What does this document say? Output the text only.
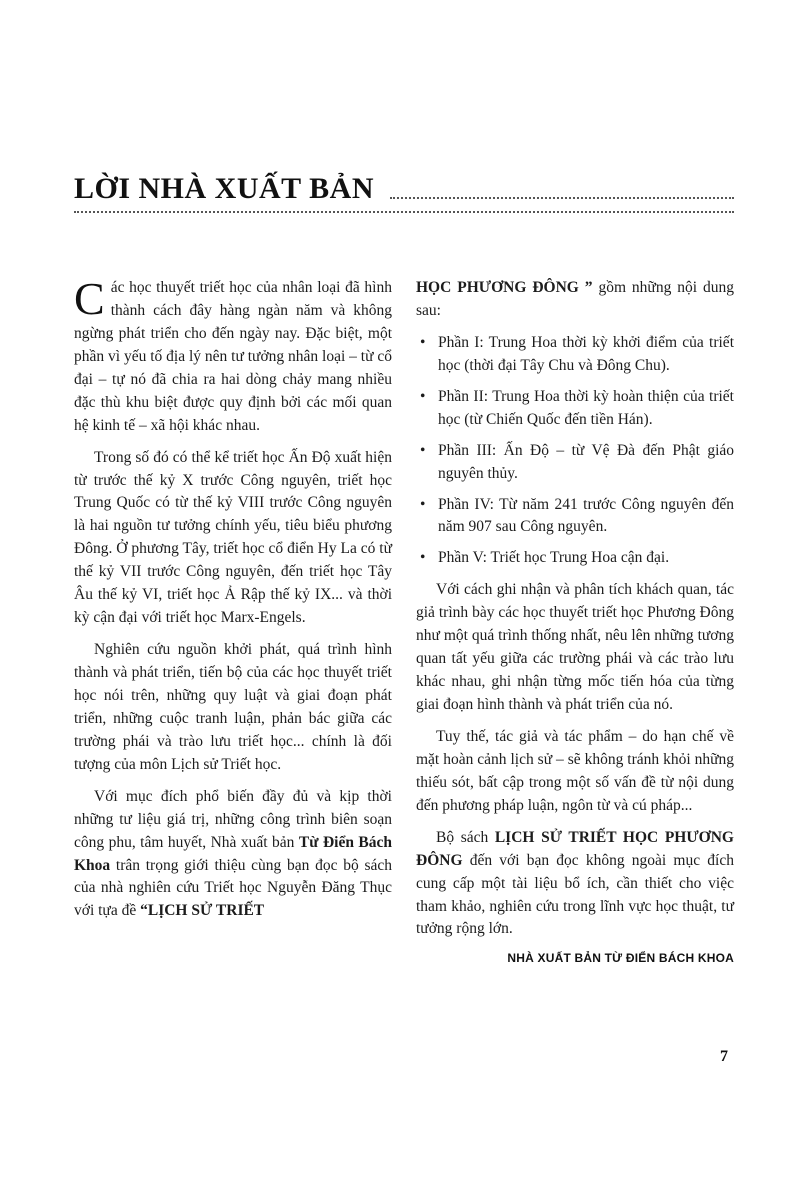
LỜI NHÀ XUẤT BẢN

Các học thuyết triết học của nhân loại đã hình thành cách đây hàng ngàn năm và không ngừng phát triển cho đến ngày nay. Đặc biệt, một phần vì yếu tố địa lý nên tư tưởng nhân loại – từ cổ đại – tự nó đã chia ra hai dòng chảy mang nhiều đặc thù khu biệt được quy định bởi các mối quan hệ kinh tế – xã hội khác nhau.

Trong số đó có thể kể triết học Ấn Độ xuất hiện từ trước thế kỷ X trước Công nguyên, triết học Trung Quốc có từ thế kỷ VIII trước Công nguyên là hai nguồn tư tưởng chính yếu, tiêu biểu phương Đông. Ở phương Tây, triết học cổ điển Hy La có từ thế kỷ VII trước Công nguyên, đến triết học Tây Âu thế kỷ VI, triết học Ả Rập thế kỷ IX... và thời kỳ cận đại với triết học Marx-Engels.

Nghiên cứu nguồn khởi phát, quá trình hình thành và phát triển, tiến bộ của các học thuyết triết học nói trên, những quy luật và giai đoạn phát triển, những cuộc tranh luận, phản bác giữa các trường phái và trào lưu triết học... chính là đối tượng của môn Lịch sử Triết học.

Với mục đích phổ biến đầy đủ và kịp thời những tư liệu giá trị, những công trình biên soạn công phu, tâm huyết, Nhà xuất bản Từ Điển Bách Khoa trân trọng giới thiệu cùng bạn đọc bộ sách của nhà nghiên cứu Triết học Nguyễn Đăng Thục với tựa đề “LỊCH SỬ TRIẾT

HỌC PHƯƠNG ĐÔNG ” gồm những nội dung sau:

• Phần I: Trung Hoa thời kỳ khởi điểm của triết học (thời đại Tây Chu và Đông Chu).
• Phần II: Trung Hoa thời kỳ hoàn thiện của triết học (từ Chiến Quốc đến tiền Hán).
• Phần III: Ấn Độ – từ Vệ Đà đến Phật giáo nguyên thủy.
• Phần IV: Từ năm 241 trước Công nguyên đến năm 907 sau Công nguyên.
• Phần V: Triết học Trung Hoa cận đại.

Với cách ghi nhận và phân tích khách quan, tác giả trình bày các học thuyết triết học Phương Đông như một quá trình thống nhất, nêu lên những tương quan tất yếu giữa các trường phái và các trào lưu khác nhau, ghi nhận từng mốc tiến hóa của từng giai đoạn hình thành và phát triển của nó.

Tuy thế, tác giả và tác phẩm – do hạn chế về mặt hoàn cảnh lịch sử – sẽ không tránh khỏi những thiếu sót, bất cập trong một số vấn đề từ nội dung đến phương pháp luận, ngôn từ và cú pháp...

Bộ sách LỊCH SỬ TRIẾT HỌC PHƯƠNG ĐÔNG đến với bạn đọc không ngoài mục đích cung cấp một tài liệu bổ ích, cần thiết cho việc tham khảo, nghiên cứu trong lĩnh vực học thuật, tư tưởng rộng lớn.

NHÀ XUẤT BẢN TỪ ĐIỂN BÁCH KHOA
7
